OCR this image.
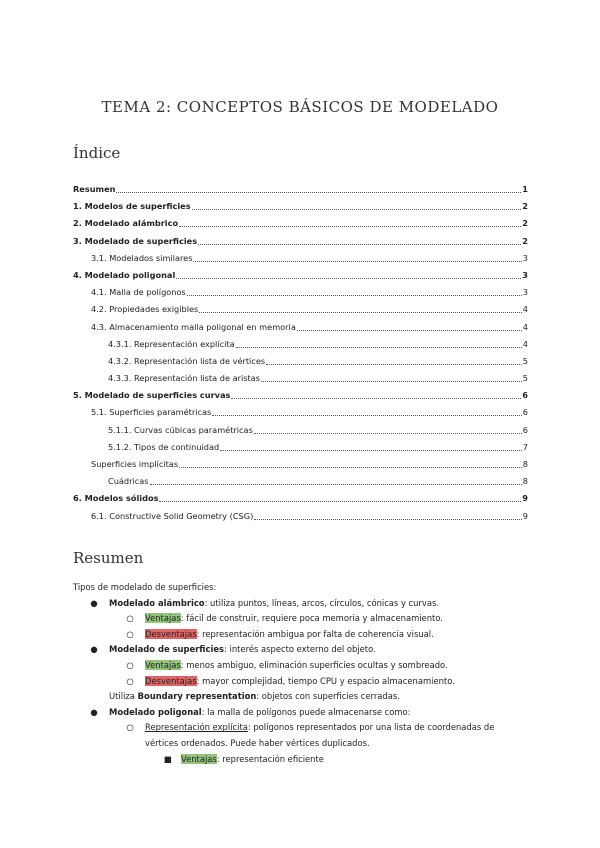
TEMA 2: CONCEPTOS BÁSICOS DE MODELADO
Índice
Resumen	1
1. Modelos de superficies	2
2. Modelado alámbrico	2
3. Modelado de superficies	2
3.1. Modelados similares	3
4. Modelado poligonal	3
4.1. Malla de polígonos	3
4.2. Propiedades exigibles	4
4.3. Almacenamiento malla poligonal en memoria	4
4.3.1. Representación explícita	4
4.3.2. Representación lista de vértices	5
4.3.3. Representación lista de aristas	5
5. Modelado de superficies curvas	6
5.1. Superficies paramétricas	6
5.1.1. Curvas cúbicas paramétricas	6
5.1.2. Tipos de continuidad	7
Superficies implícitas	8
Cuádricas	8
6. Modelos sólidos	9
6.1. Constructive Solid Geometry (CSG)	9
Resumen

Tipos de modelado de superficies:

● Modelado alámbrico: utiliza puntos, líneas, arcos, círculos, cónicas y curvas.

○ Ventajas: fácil de construir, requiere poca memoria y almacenamiento.

○ Desventajas: representación ambigua por falta de coherencia visual.

● Modelado de superficies: interés aspecto externo del objeto.

○ Ventajas: menos ambiguo, eliminación superficies ocultas y sombreado.

○ Desventajas: mayor complejidad, tiempo CPU y espacio almacenamiento.

Utiliza Boundary representation: objetos con superficies cerradas.

● Modelado poligonal: la malla de polígonos puede almacenarse como:

○ Representación explícita: polígonos representados por una lista de coordenadas de vértices ordenados. Puede haber vértices duplicados.

■ Ventajas: representación eficiente
